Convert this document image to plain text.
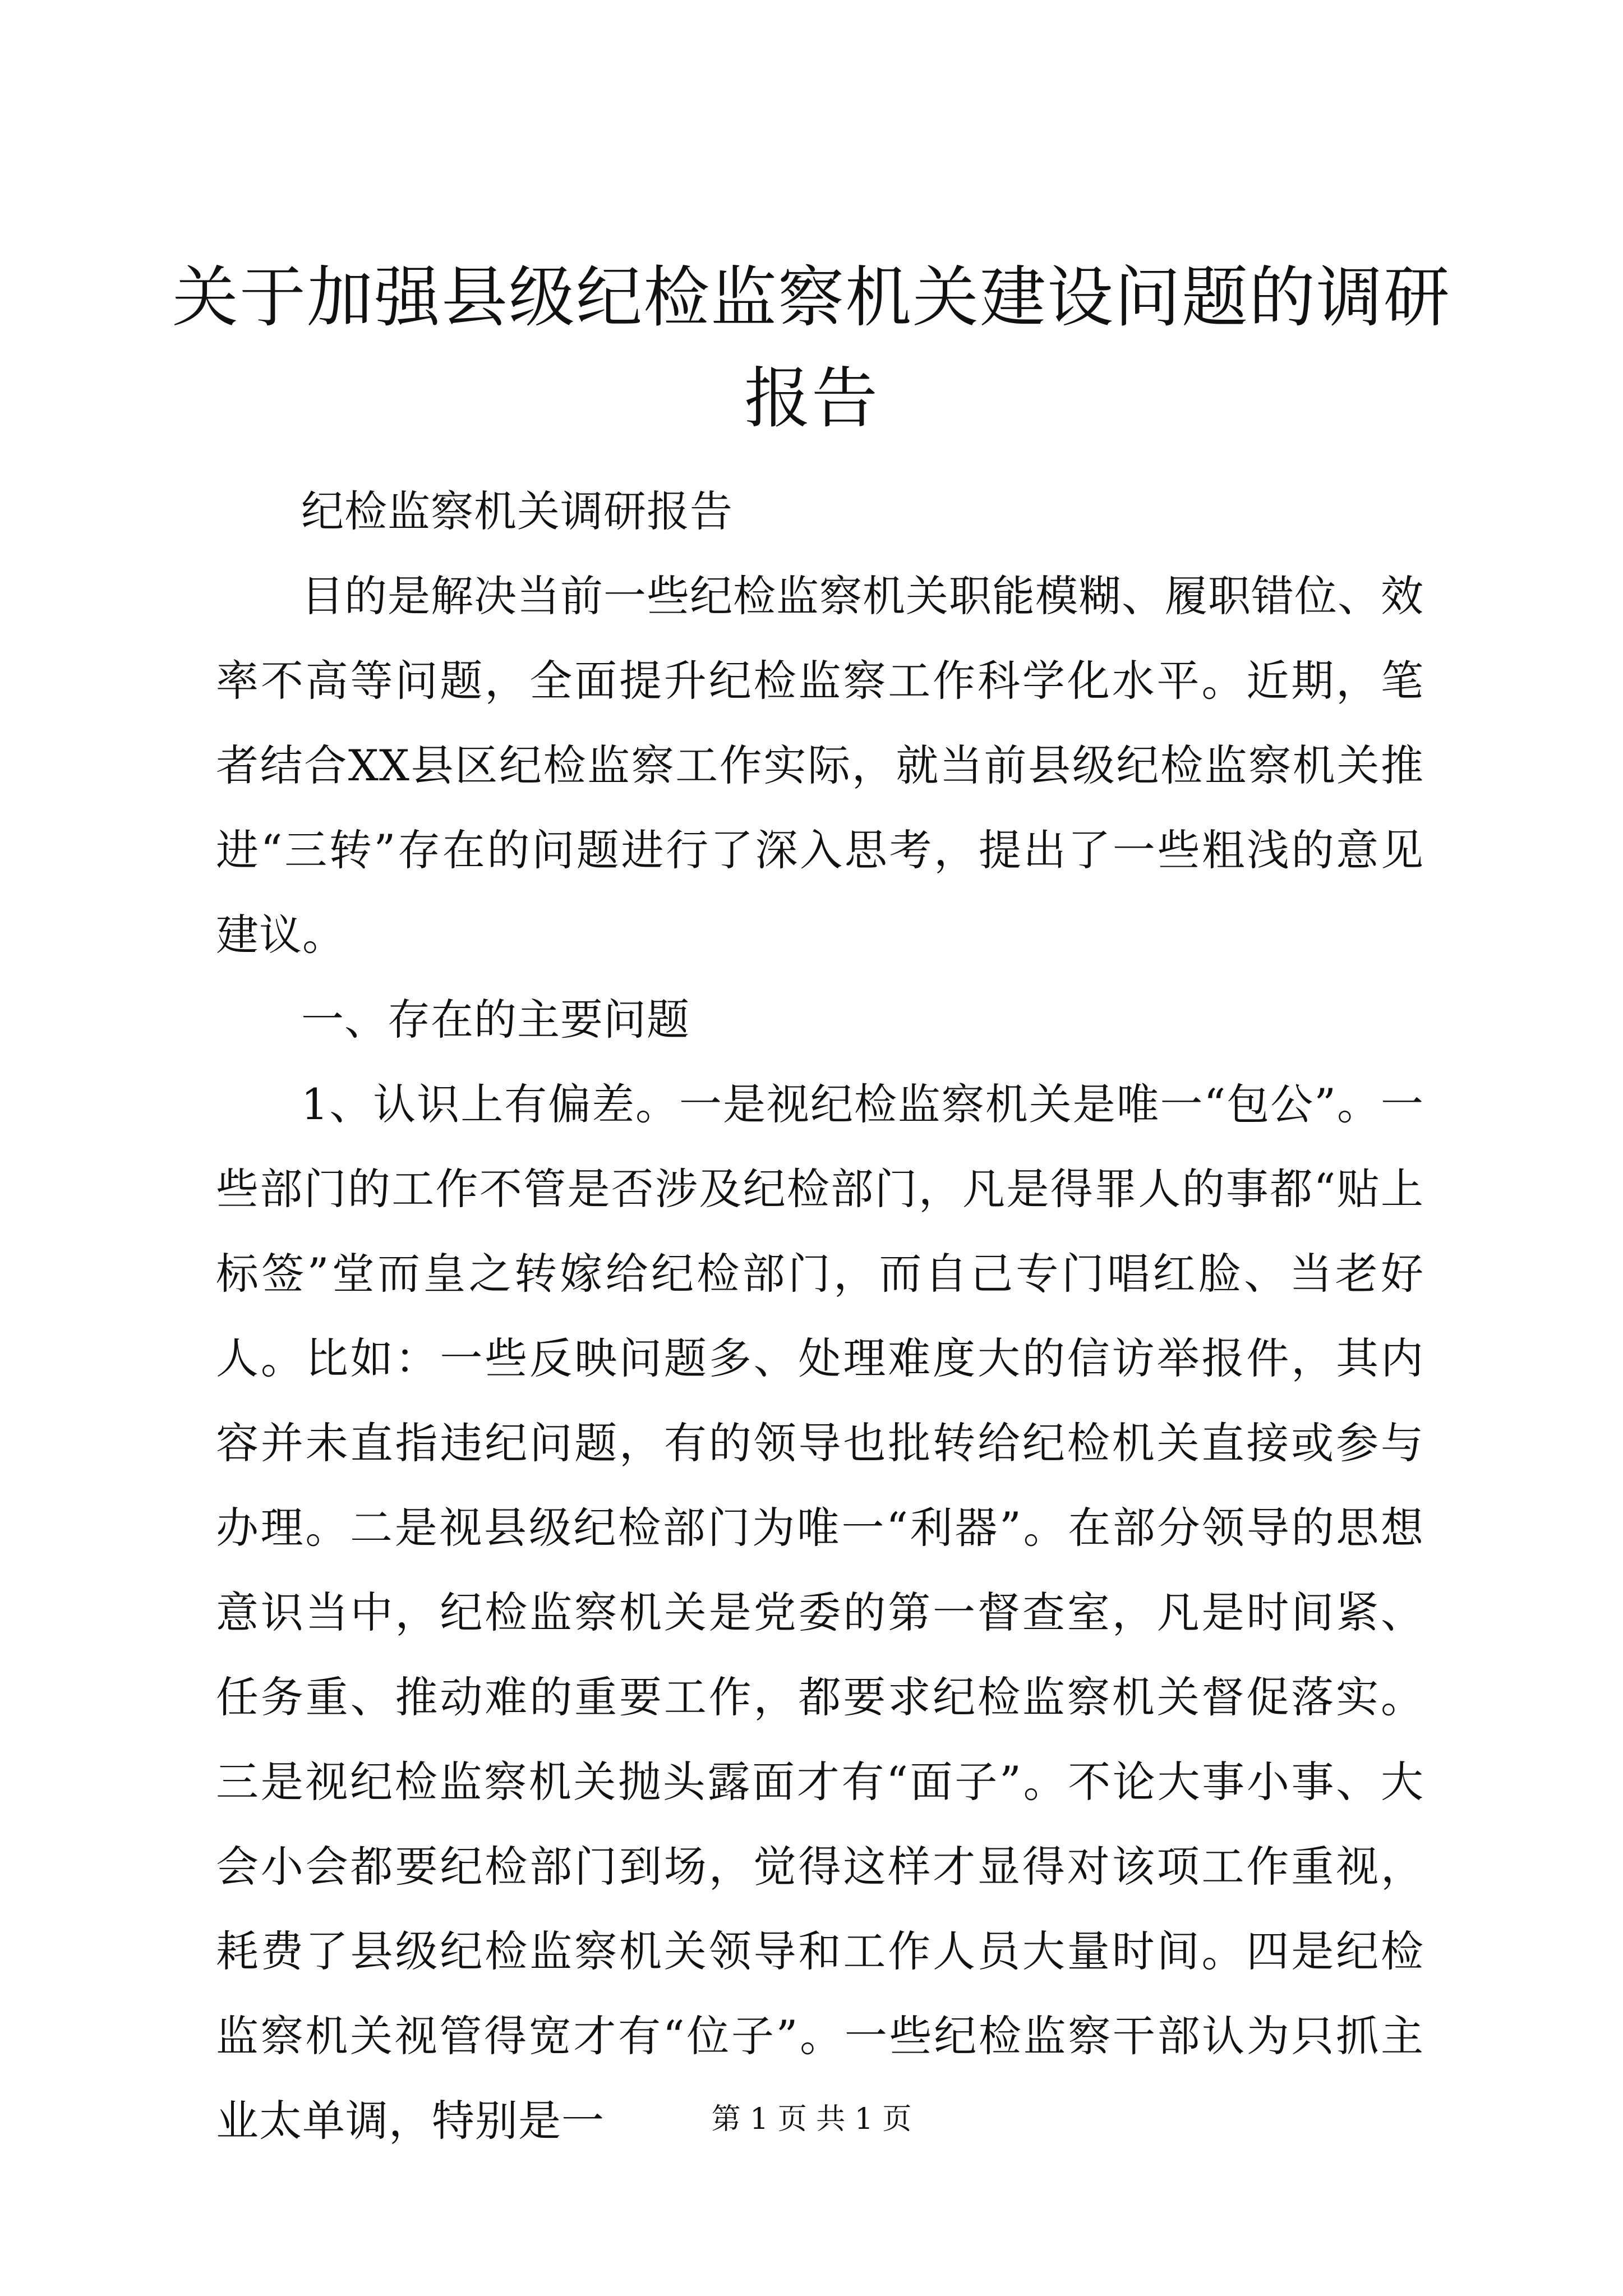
关于加强县级纪检监察机关建设问题的调研报告

纪检监察机关调研报告

目的是解决当前一些纪检监察机关职能模糊、履职错位、效率不高等问题，全面提升纪检监察工作科学化水平。近期，笔者结合XX县区纪检监察工作实际，就当前县级纪检监察机关推进“三转”存在的问题进行了深入思考，提出了一些粗浅的意见建议。

一、存在的主要问题

1、认识上有偏差。一是视纪检监察机关是唯一“包公”。一些部门的工作不管是否涉及纪检部门，凡是得罪人的事都“贴上标签”堂而皇之转嫁给纪检部门，而自己专门唱红脸、当老好人。比如：一些反映问题多、处理难度大的信访举报件，其内容并未直指违纪问题，有的领导也批转给纪检机关直接或参与办理。二是视县级纪检部门为唯一“利器”。在部分领导的思想意识当中，纪检监察机关是党委的第一督查室，凡是时间紧、任务重、推动难的重要工作，都要求纪检监察机关督促落实。三是视纪检监察机关抛头露面才有“面子”。不论大事小事、大会小会都要纪检部门到场，觉得这样才显得对该项工作重视，耗费了县级纪检监察机关领导和工作人员大量时间。四是纪检监察机关视管得宽才有“位子”。一些纪检监察干部认为只抓主业太单调，特别是一	第 1 页 共 1 页
